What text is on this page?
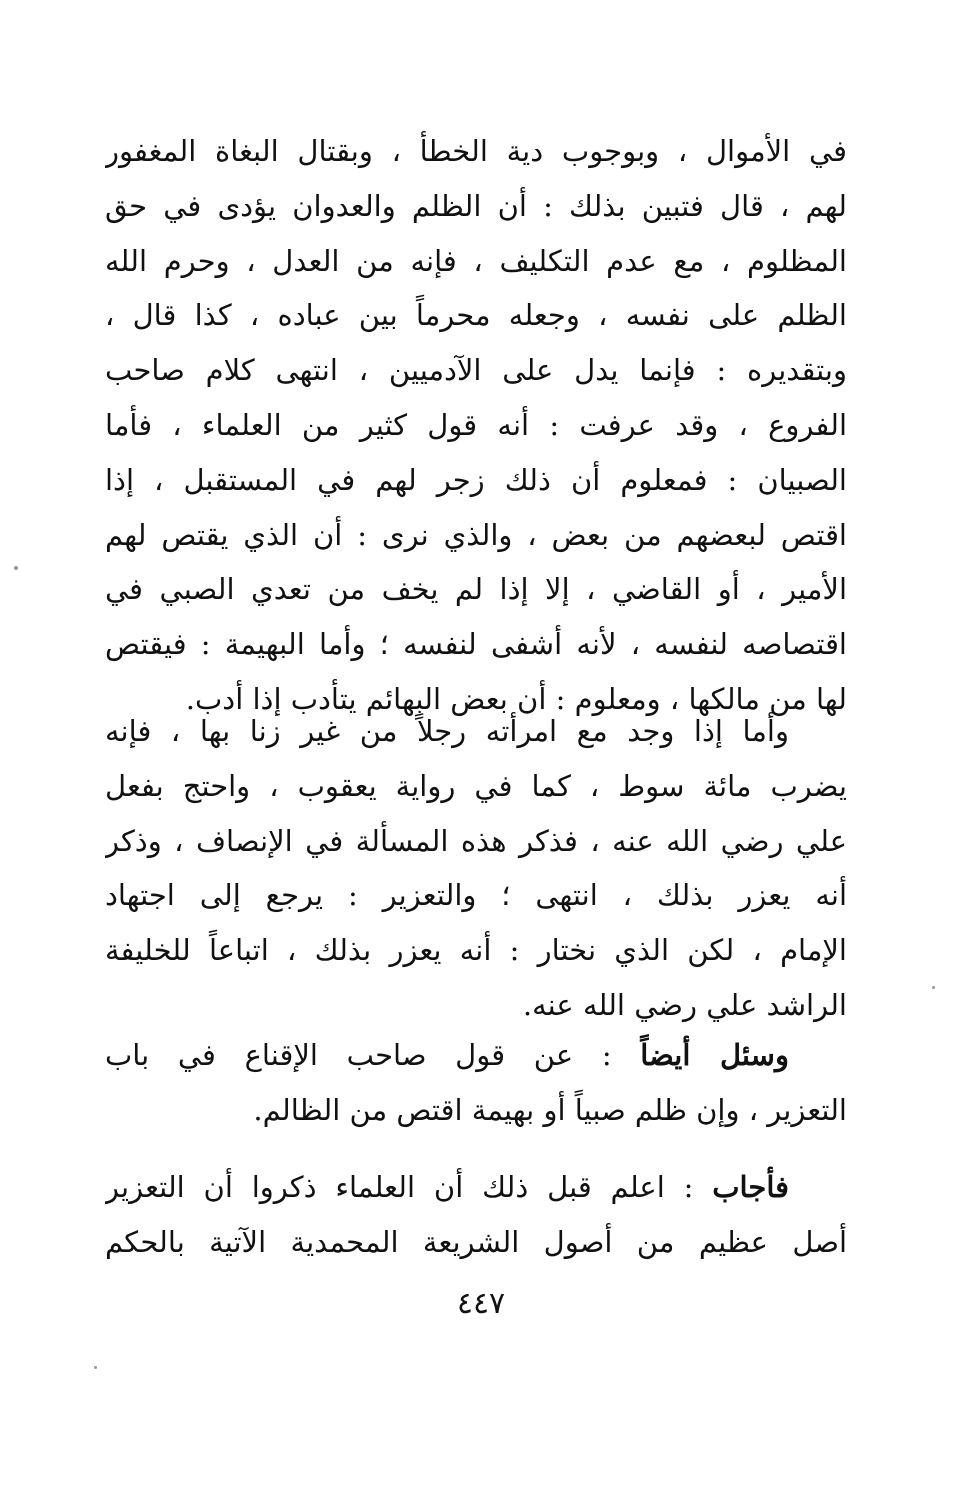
في الأموال ، وبوجوب دية الخطأ ، وبقتال البغاة المغفور
لهم ، قال فتبين بذلك : أن الظلم والعدوان يؤدى في حق
المظلوم ، مع عدم التكليف ، فإنه من العدل ، وحرم الله
الظلم على نفسه ، وجعله محرماً بين عباده ، كذا قال ،
وبتقديره : فإنما يدل على الآدميين ، انتهى كلام صاحب
الفروع ، وقد عرفت : أنه قول كثير من العلماء ، فأما
الصبيان : فمعلوم أن ذلك زجر لهم في المستقبل ، إذا
اقتص لبعضهم من بعض ، والذي نرى : أن الذي يقتص لهم
الأمير ، أو القاضي ، إلا إذا لم يخف من تعدي الصبي في
اقتصاصه لنفسه ، لأنه أشفى لنفسه ؛ وأما البهيمة : فيقتص
لها من مالكها ، ومعلوم : أن بعض البهائم يتأدب إذا أدب.
وأما إذا وجد مع امرأته رجلاً من غير زنا بها ، فإنه
يضرب مائة سوط ، كما في رواية يعقوب ، واحتج بفعل
علي رضي الله عنه ، فذكر هذه المسألة في الإنصاف ، وذكر
أنه يعزر بذلك ، انتهى ؛ والتعزير : يرجع إلى اجتهاد
الإمام ، لكن الذي نختار : أنه يعزر بذلك ، اتباعاً للخليفة
الراشد علي رضي الله عنه.
وسئل أيضاً : عن قول صاحب الإقناع في باب
التعزير ، وإن ظلم صبياً أو بهيمة اقتص من الظالم.
فأجاب : اعلم قبل ذلك أن العلماء ذكروا أن التعزير
أصل عظيم من أصول الشريعة المحمدية الآتية بالحكم
٤٤٧
